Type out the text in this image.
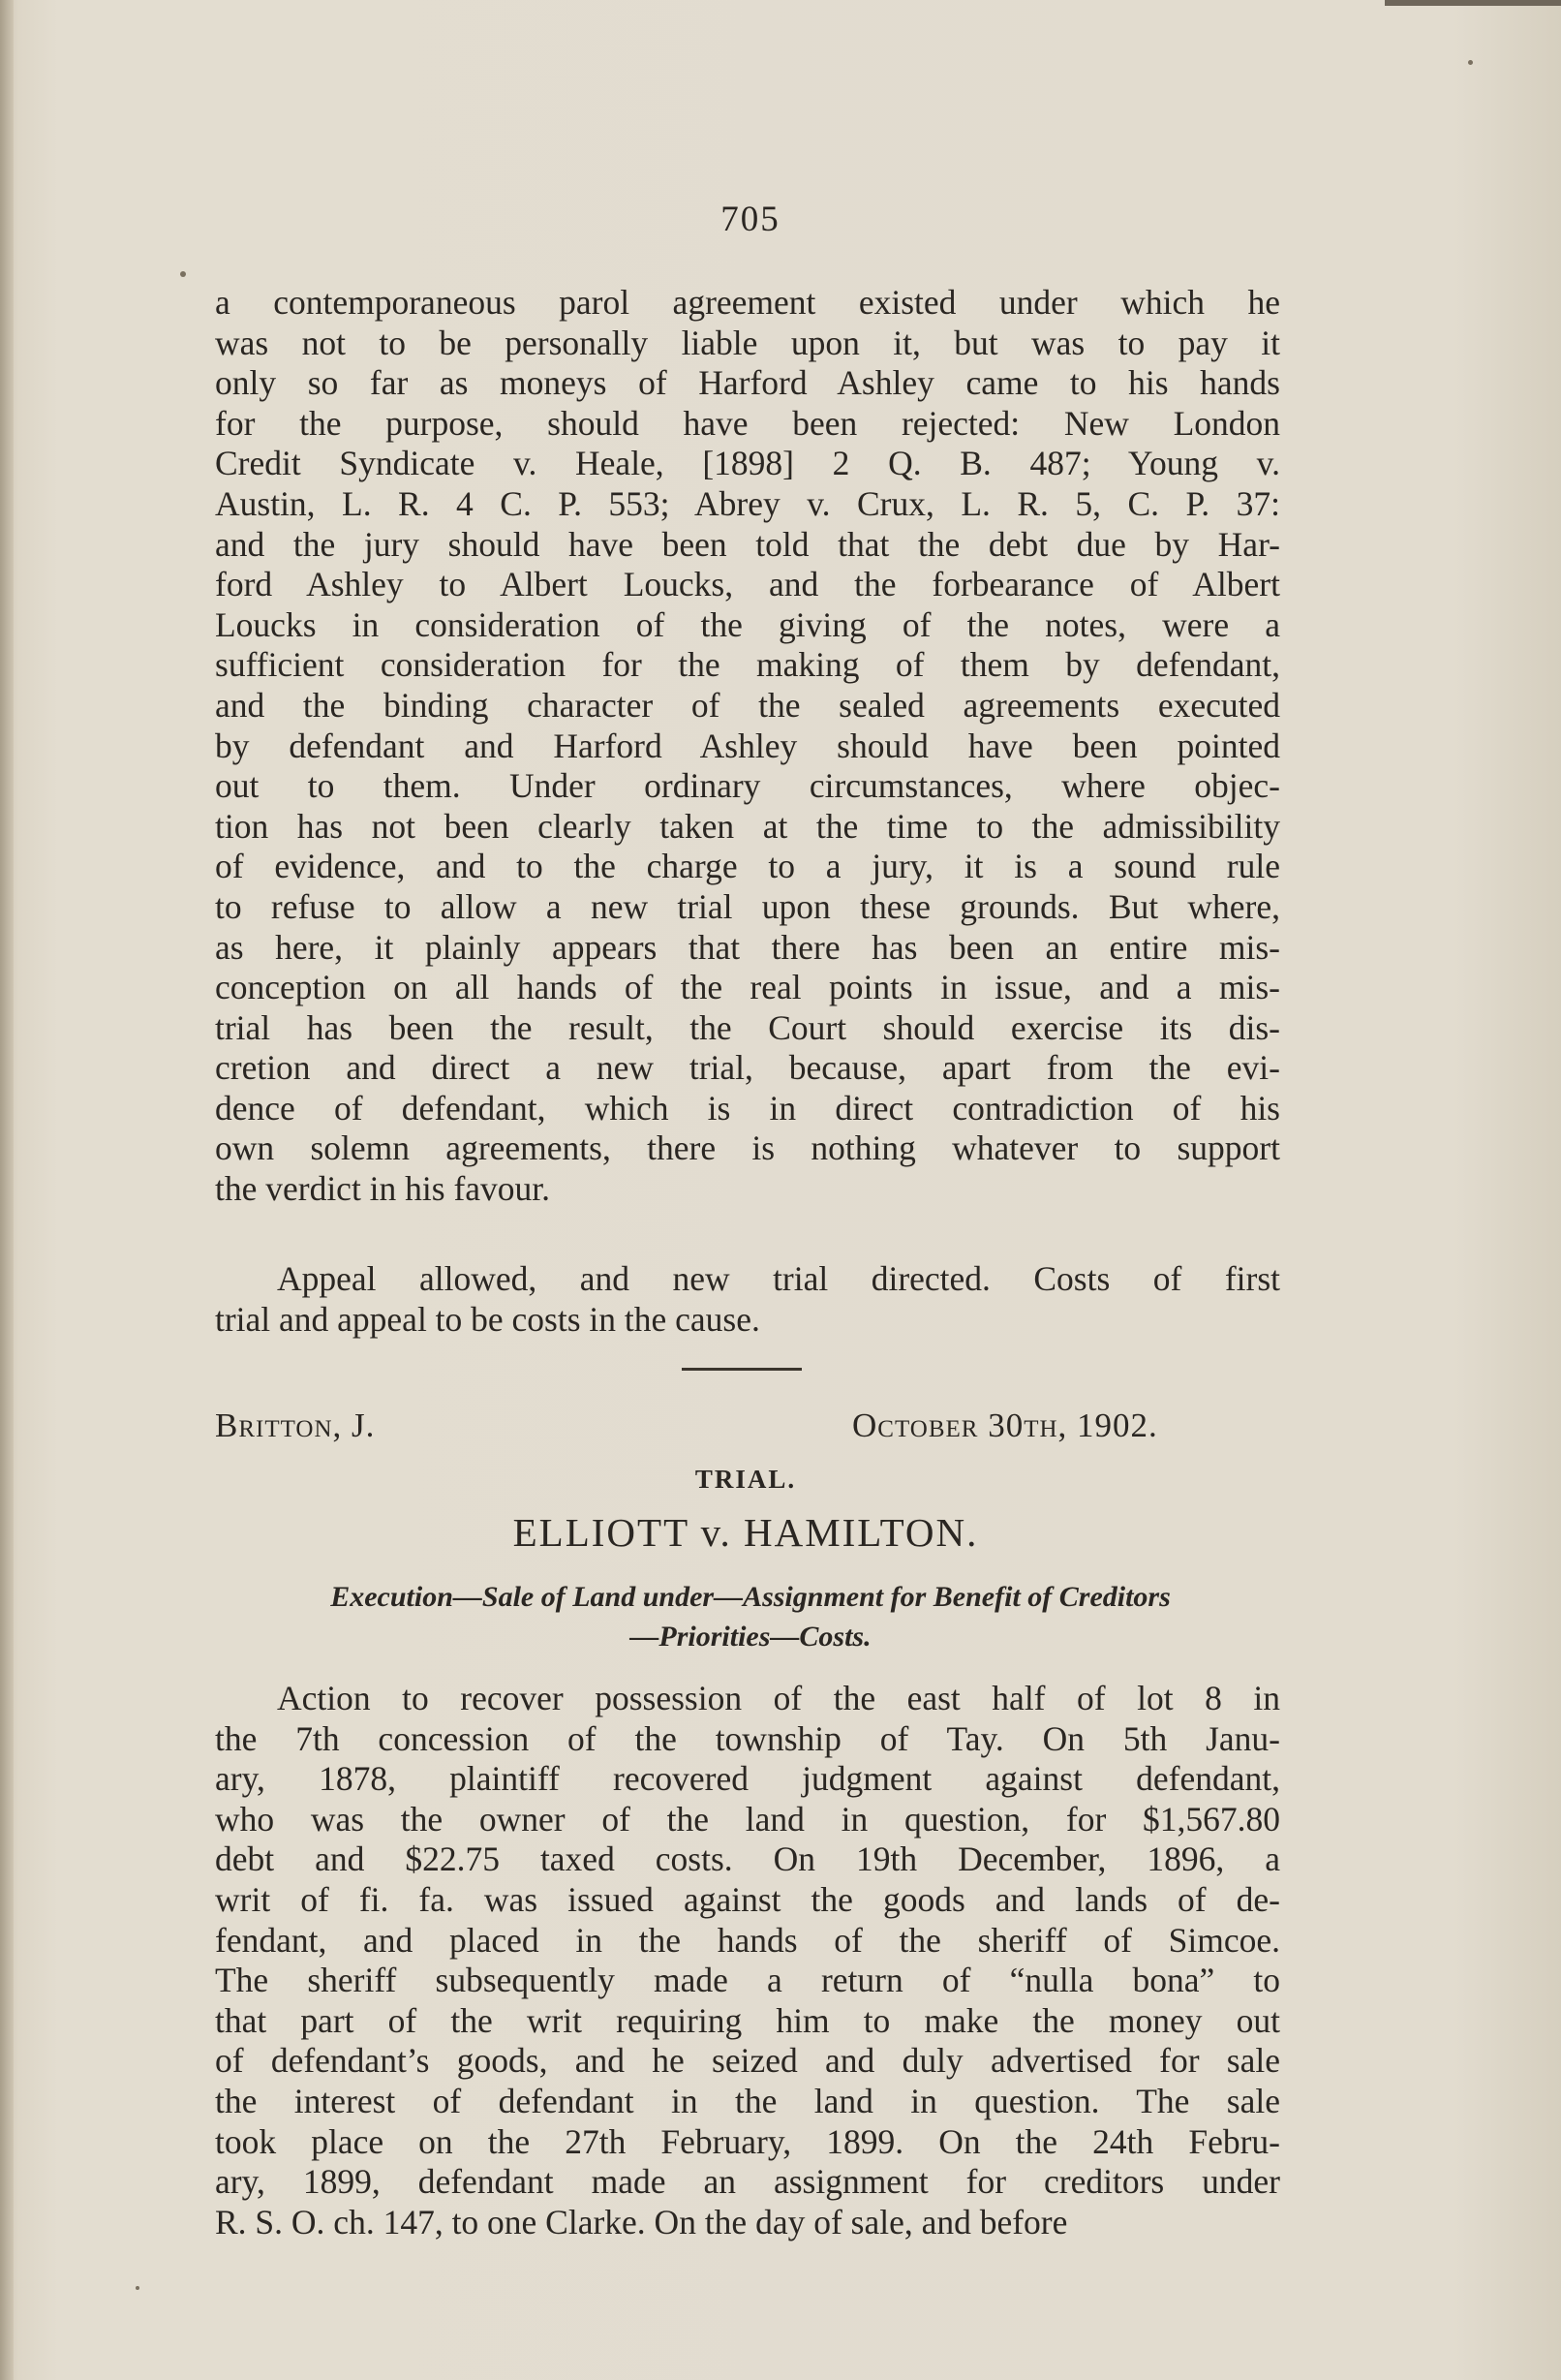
705
a contemporaneous parol agreement existed under which he
was not to be personally liable upon it, but was to pay it
only so far as moneys of Harford Ashley came to his hands
for the purpose, should have been rejected: New London
Credit Syndicate v. Heale, [1898] 2 Q. B. 487; Young v.
Austin, L. R. 4 C. P. 553; Abrey v. Crux, L. R. 5, C. P. 37:
and the jury should have been told that the debt due by Har-
ford Ashley to Albert Loucks, and the forbearance of Albert
Loucks in consideration of the giving of the notes, were a
sufficient consideration for the making of them by defendant,
and the binding character of the sealed agreements executed
by defendant and Harford Ashley should have been pointed
out to them. Under ordinary circumstances, where objec-
tion has not been clearly taken at the time to the admissibility
of evidence, and to the charge to a jury, it is a sound rule
to refuse to allow a new trial upon these grounds. But where,
as here, it plainly appears that there has been an entire mis-
conception on all hands of the real points in issue, and a mis-
trial has been the result, the Court should exercise its dis-
cretion and direct a new trial, because, apart from the evi-
dence of defendant, which is in direct contradiction of his
own solemn agreements, there is nothing whatever to support
the verdict in his favour.
Appeal allowed, and new trial directed. Costs of first
trial and appeal to be costs in the cause.
Britton, J.	October 30th, 1902.
TRIAL.
ELLIOTT v. HAMILTON.
Execution—Sale of Land under—Assignment for Benefit of Creditors
—Priorities—Costs.
Action to recover possession of the east half of lot 8 in
the 7th concession of the township of Tay. On 5th Janu-
ary, 1878, plaintiff recovered judgment against defendant,
who was the owner of the land in question, for $1,567.80
debt and $22.75 taxed costs. On 19th December, 1896, a
writ of fi. fa. was issued against the goods and lands of de-
fendant, and placed in the hands of the sheriff of Simcoe.
The sheriff subsequently made a return of “nulla bona” to
that part of the writ requiring him to make the money out
of defendant’s goods, and he seized and duly advertised for sale
the interest of defendant in the land in question. The sale
took place on the 27th February, 1899. On the 24th Febru-
ary, 1899, defendant made an assignment for creditors under
R. S. O. ch. 147, to one Clarke. On the day of sale, and before
